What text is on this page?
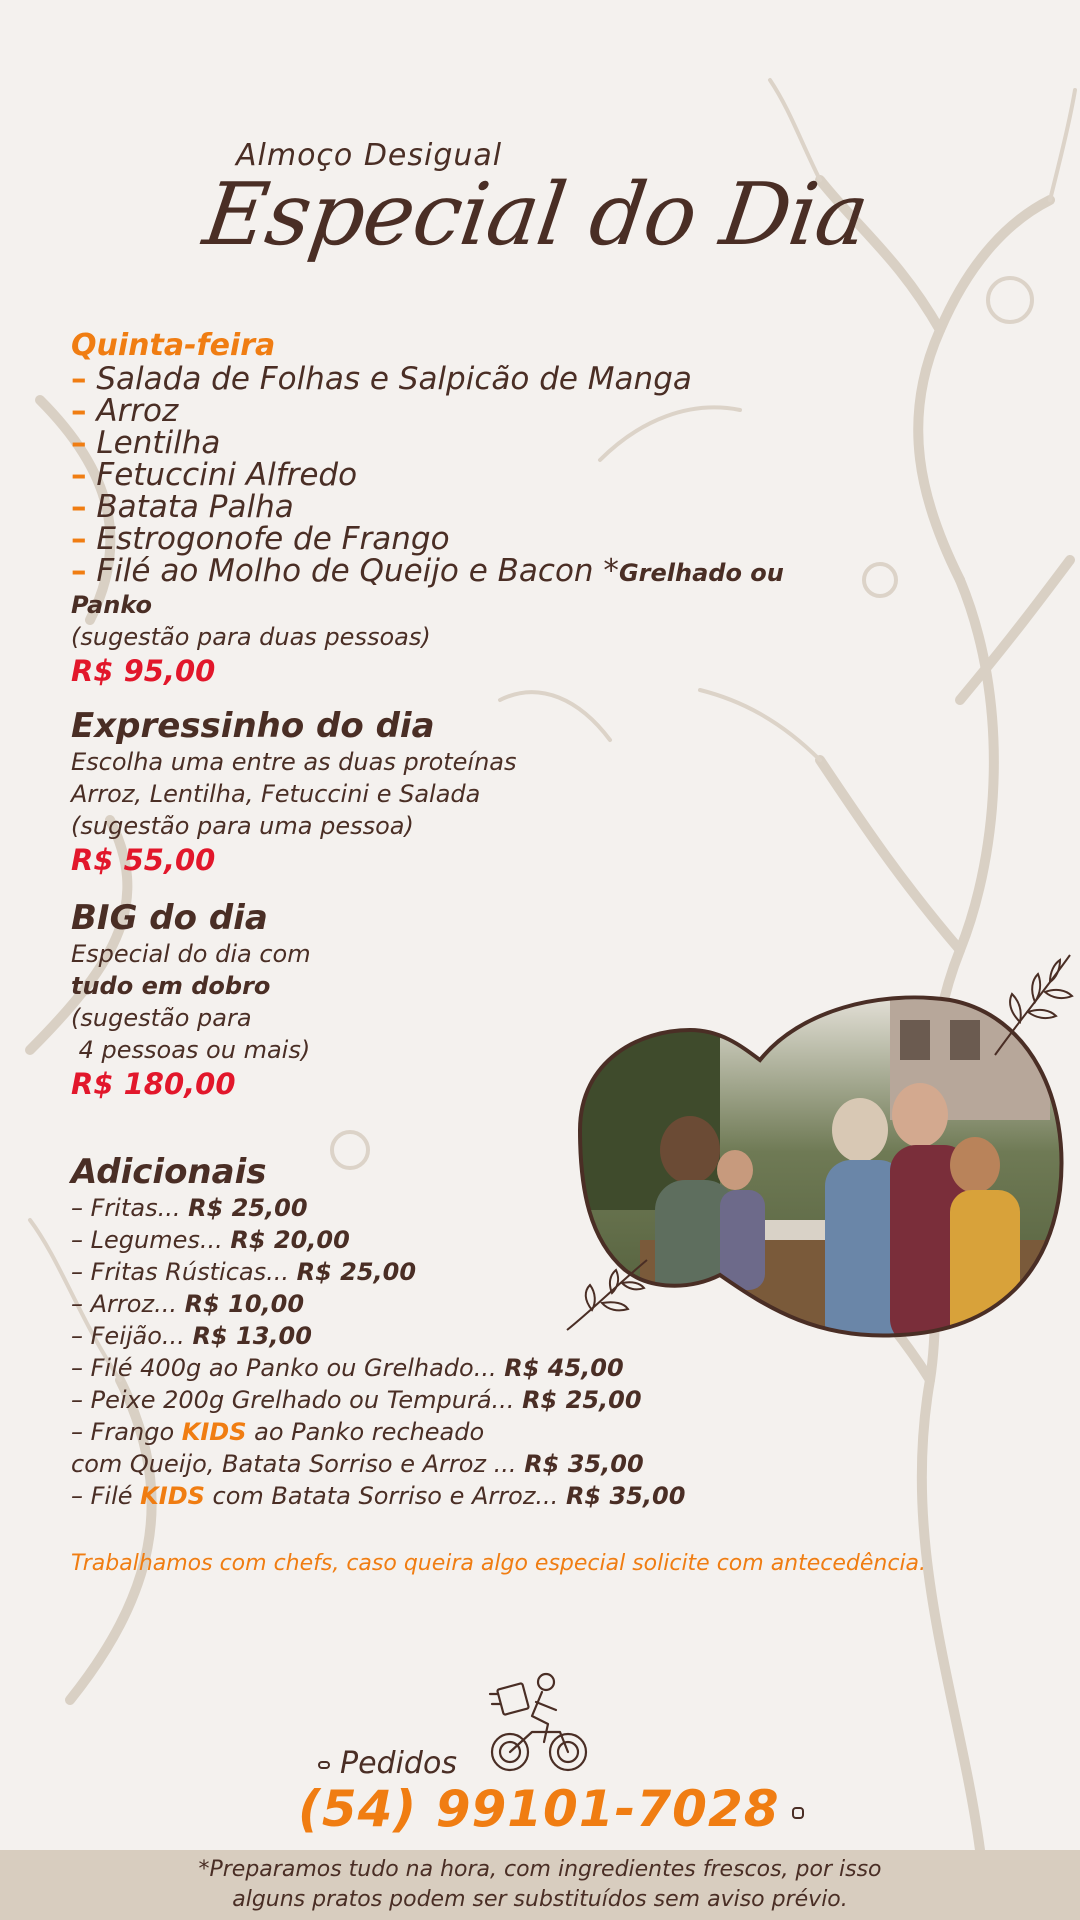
Almoço Desigual
Especial do Dia
Quinta-feira
– Salada de Folhas e Salpicão de Manga
– Arroz
– Lentilha
– Fetuccini Alfredo
– Batata Palha
– Estrogonofe de Frango
– Filé ao Molho de Queijo e Bacon *Grelhado ou
Panko
(sugestão para duas pessoas)
R$ 95,00
Expressinho do dia
Escolha uma entre as duas proteínas
Arroz, Lentilha, Fetuccini e Salada
(sugestão para uma pessoa)
R$ 55,00
BIG do dia
Especial do dia com
tudo em dobro
(sugestão para
4 pessoas ou mais)
R$ 180,00
Adicionais
– Fritas... R$ 25,00
– Legumes... R$ 20,00
– Fritas Rústicas... R$ 25,00
– Arroz... R$ 10,00
– Feijão... R$ 13,00
– Filé 400g ao Panko ou Grelhado... R$ 45,00
– Peixe 200g Grelhado ou Tempurá... R$ 25,00
– Frango KIDS ao Panko recheado
com Queijo, Batata Sorriso e Arroz ... R$ 35,00
– Filé KIDS com Batata Sorriso e Arroz... R$ 35,00
Trabalhamos com chefs, caso queira algo especial solicite com antecedência.
Pedidos
(54) 99101-7028
*Preparamos tudo na hora, com ingredientes frescos, por isso
alguns pratos podem ser substituídos sem aviso prévio.
